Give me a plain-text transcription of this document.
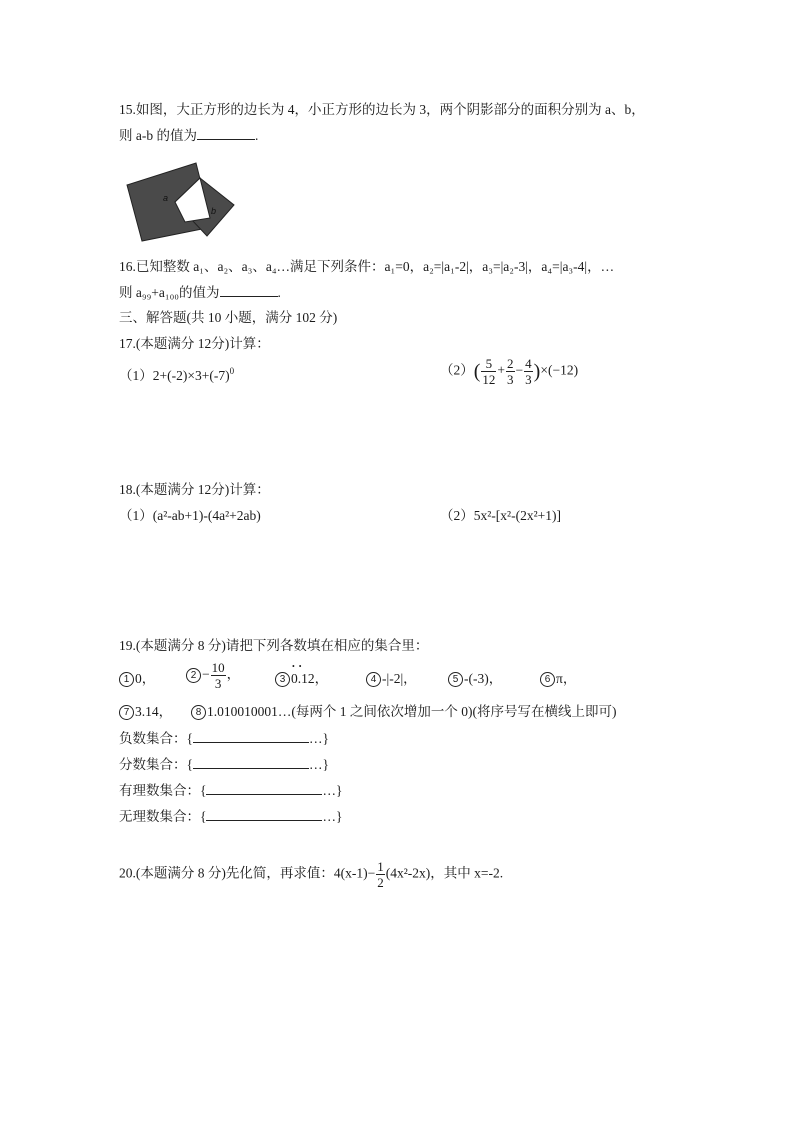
15.如图，大正方形的边长为 4，小正方形的边长为 3，两个阴影部分的面积分别为 a、b，
则 a-b 的值为	.
a
b
16.已知整数 a₁、a₂、a₃、a₄…满足下列条件：a₁=0，a₂=|a₁-2|，a₃=|a₂-3|，a₄=|a₃-4|，…
则 a₉₉+a₁₀₀的值为	.
三、解答题(共 10 小题，满分 102 分)
17.(本题满分 12分)计算：
$(1)2+(-2)\times 3+(-7)^0$	$(2)( \frac{5}{12} + \frac{2}{3} - \frac{4}{3} )\times(-12)$
18.(本题满分 12分)计算：
（1）(a²-ab+1)-(4a²+2ab)	（2）5x²-[x²-(2x²+1)]
19.(本题满分 8 分)请把下列各数填在相应的集合里：
1 0，	$2 - \frac{10}{3}$ ，	3• • 0.12，	4 -|-2|，	5 -(-3)，	6 π，
7 3.14，	8 1.010010001…(每两个 1 之间依次增加一个 0)(将序号写在横线上即可)
负数集合：{	…}
分数集合：{	…}
有理数集合：{	…}
无理数集合：{	…}
20.(本题满分 8 分)先化简，再求值：$4(x-1)- \frac{1}{2} (4x^2-2x)$，其中 x=-2.
